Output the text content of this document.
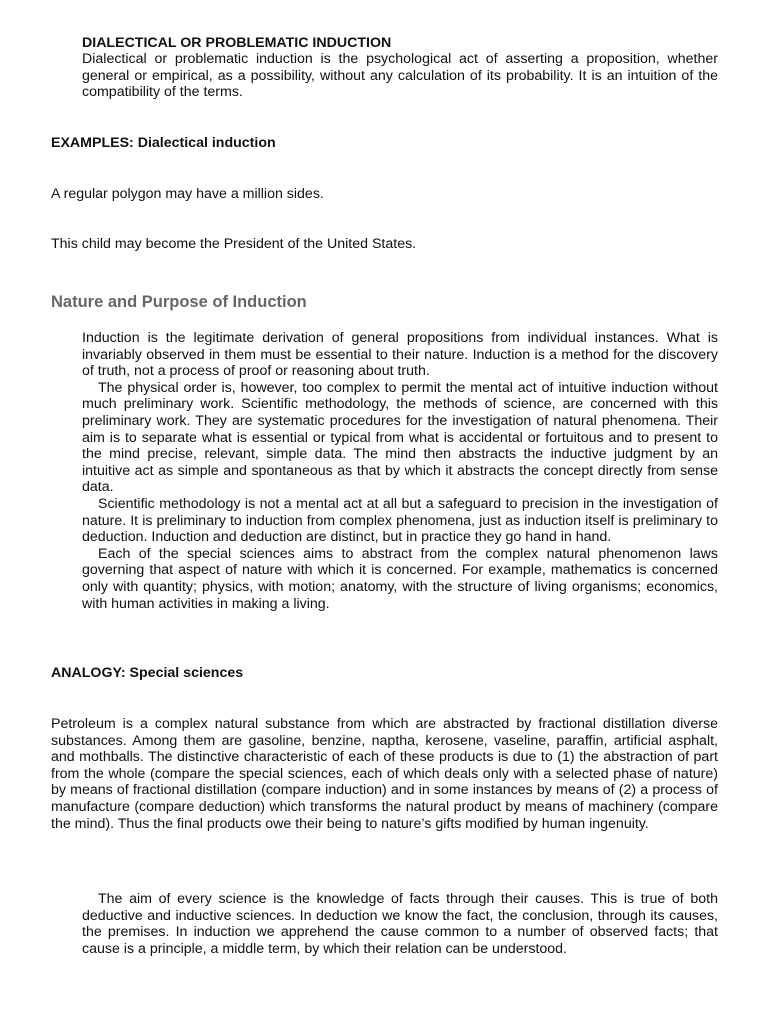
DIALECTICAL OR PROBLEMATIC INDUCTION

Dialectical or problematic induction is the psychological act of asserting a proposition, whether general or empirical, as a possibility, without any calculation of its probability. It is an intuition of the compatibility of the terms.

EXAMPLES: Dialectical induction
A regular polygon may have a million sides.
This child may become the President of the United States.
Nature and Purpose of Induction

Induction is the legitimate derivation of general propositions from individual instances. What is invariably observed in them must be essential to their nature. Induction is a method for the discovery of truth, not a process of proof or reasoning about truth.

The physical order is, however, too complex to permit the mental act of intuitive induction without much preliminary work. Scientific methodology, the methods of science, are concerned with this preliminary work. They are systematic procedures for the investigation of natural phenomena. Their aim is to separate what is essential or typical from what is accidental or fortuitous and to present to the mind precise, relevant, simple data. The mind then abstracts the inductive judgment by an intuitive act as simple and spontaneous as that by which it abstracts the concept directly from sense data.

Scientific methodology is not a mental act at all but a safeguard to precision in the investigation of nature. It is preliminary to induction from complex phenomena, just as induction itself is preliminary to deduction. Induction and deduction are distinct, but in practice they go hand in hand.

Each of the special sciences aims to abstract from the complex natural phenomenon laws governing that aspect of nature with which it is concerned. For example, mathematics is concerned only with quantity; physics, with motion; anatomy, with the structure of living organisms; economics, with human activities in making a living.

ANALOGY: Special sciences

Petroleum is a complex natural substance from which are abstracted by fractional distillation diverse substances. Among them are gasoline, benzine, naptha, kerosene, vaseline, paraffin, artificial asphalt, and mothballs. The distinctive characteristic of each of these products is due to (1) the abstraction of part from the whole (compare the special sciences, each of which deals only with a selected phase of nature) by means of fractional distillation (compare induction) and in some instances by means of (2) a process of manufacture (compare deduction) which transforms the natural product by means of machinery (compare the mind). Thus the final products owe their being to nature’s gifts modified by human ingenuity.

The aim of every science is the knowledge of facts through their causes. This is true of both deductive and inductive sciences. In deduction we know the fact, the conclusion, through its causes, the premises. In induction we apprehend the cause common to a number of observed facts; that cause is a principle, a middle term, by which their relation can be understood.
